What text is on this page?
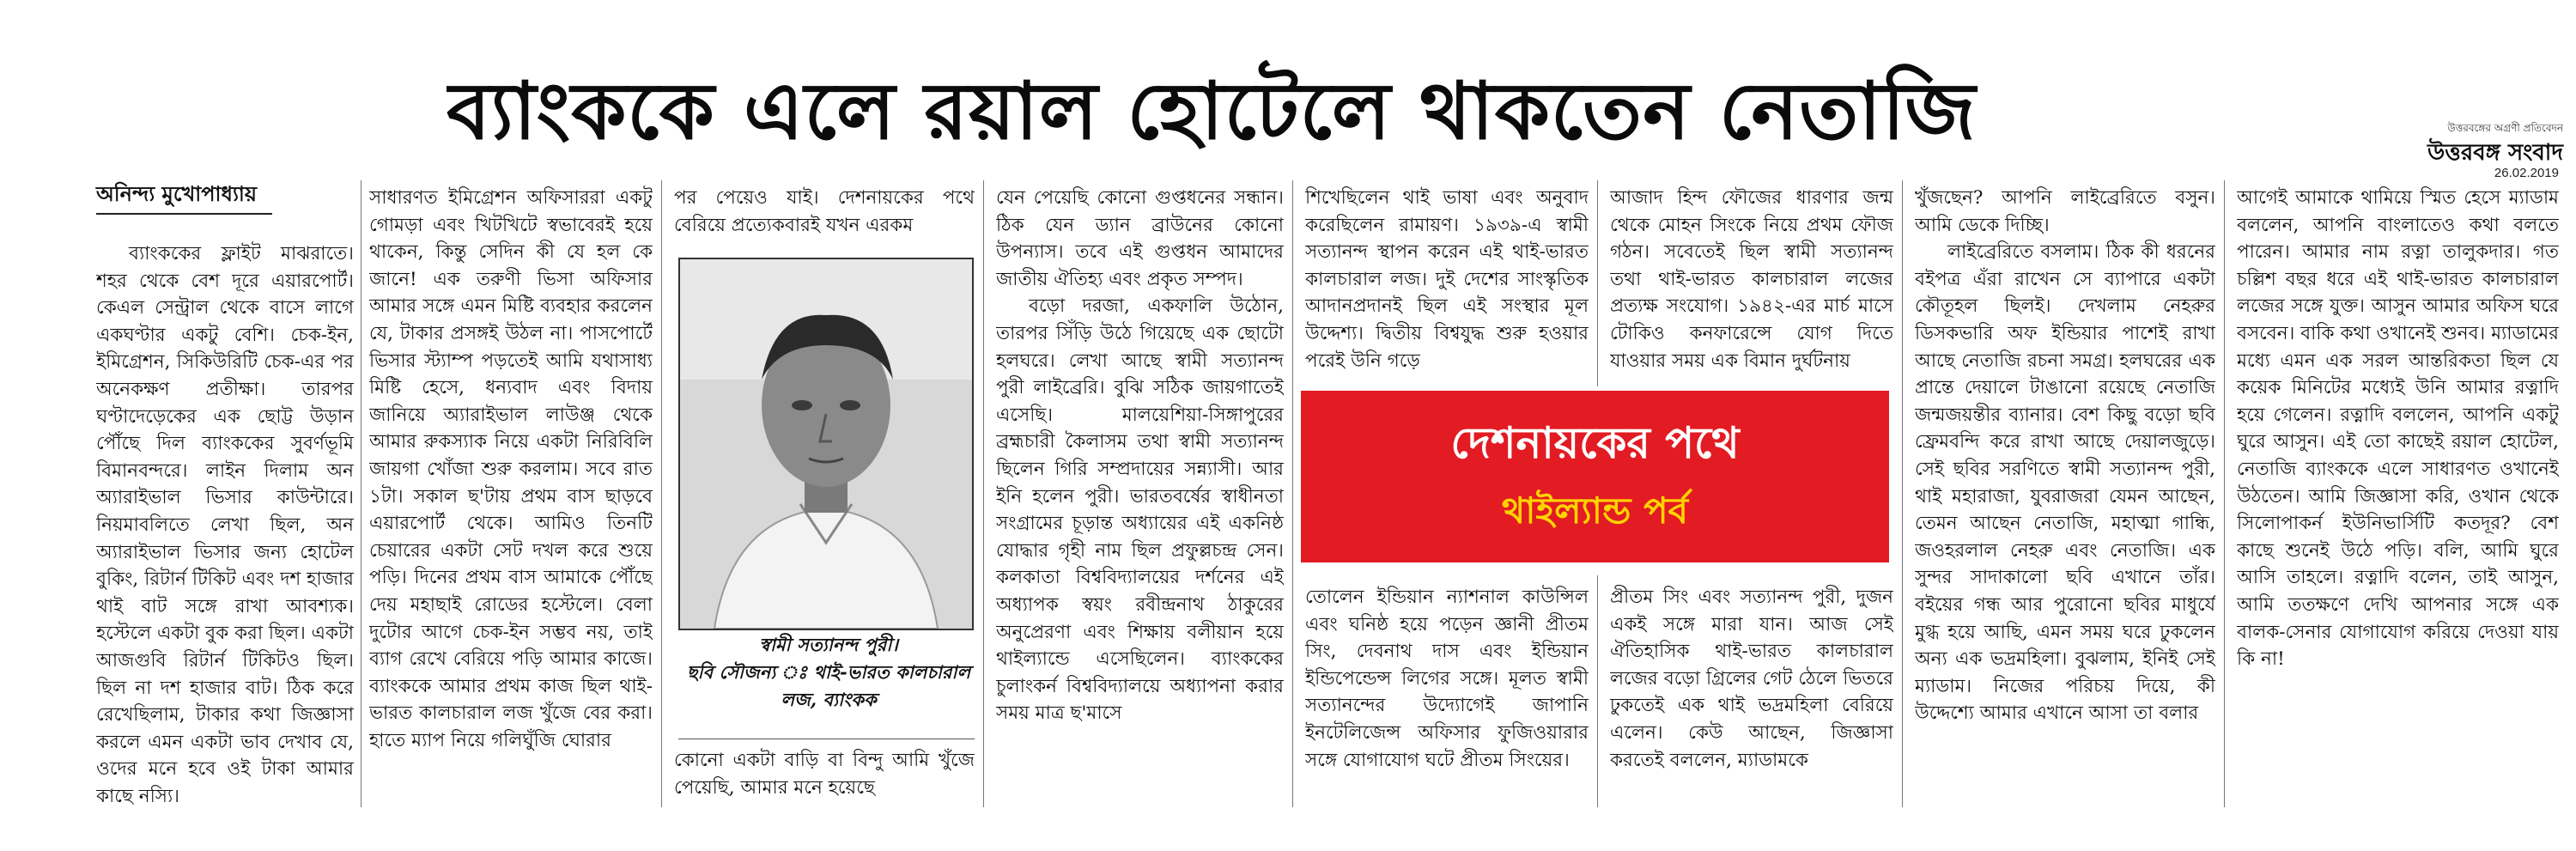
ব্যাংককে এলে রয়াল হোটেলে থাকতেন নেতাজি	উত্তরবঙ্গের অগ্রণী প্রতিবেদন
উত্তরবঙ্গ সংবাদ
26.02.2019
অনিন্দ্য মুখোপাধ্যায়

ব্যাংককের ফ্লাইট মাঝরাতে। শহর থেকে বেশ দূরে এয়ারপোর্ট। কেএল সেন্ট্রাল থেকে বাসে লাগে একঘণ্টার একটু বেশি। চেক-ইন, ইমিগ্রেশন, সিকিউরিটি চেক-এর পর অনেকক্ষণ প্রতীক্ষা। তারপর ঘণ্টাদেড়েকের এক ছোট্ট উড়ান পৌঁছে দিল ব্যাংককের সুবর্ণভূমি বিমানবন্দরে। লাইন দিলাম অন অ্যারাইভাল ভিসার কাউন্টারে। নিয়মাবলিতে লেখা ছিল, অন অ্যারাইভাল ভিসার জন্য হোটেল বুকিং, রিটার্ন টিকিট এবং দশ হাজার থাই বাট সঙ্গে রাখা আবশ্যক। হস্টেলে একটা বুক করা ছিল। একটা আজগুবি রিটার্ন টিকিটও ছিল। ছিল না দশ হাজার বাট। ঠিক করে রেখেছিলাম, টাকার কথা জিজ্ঞাসা করলে এমন একটা ভাব দেখাব যে, ওদের মনে হবে ওই টাকা আমার কাছে নস্যি।

সাধারণত ইমিগ্রেশন অফিসাররা একটু গোমড়া এবং খিটখিটে স্বভাবেরই হয়ে থাকেন, কিন্তু সেদিন কী যে হল কে জানে! এক তরুণী ভিসা অফিসার আমার সঙ্গে এমন মিষ্টি ব্যবহার করলেন যে, টাকার প্রসঙ্গই উঠল না। পাসপোর্টে ভিসার স্ট্যাম্প পড়তেই আমি যথাসাধ্য মিষ্টি হেসে, ধন্যবাদ এবং বিদায় জানিয়ে অ্যারাইভাল লাউঞ্জ থেকে আমার রুকস্যাক নিয়ে একটা নিরিবিলি জায়গা খোঁজা শুরু করলাম। সবে রাত ১টা। সকাল ছ'টায় প্রথম বাস ছাড়বে এয়ারপোর্ট থেকে। আমিও তিনটি চেয়ারের একটা সেট দখল করে শুয়ে পড়ি। দিনের প্রথম বাস আমাকে পৌঁছে দেয় মহাছাই রোডের হস্টেলে। বেলা দুটোর আগে চেক-ইন সম্ভব নয়, তাই ব্যাগ রেখে বেরিয়ে পড়ি আমার কাজে। ব্যাংককে আমার প্রথম কাজ ছিল থাই-ভারত কালচারাল লজ খুঁজে বের করা। হাতে ম্যাপ নিয়ে গলিঘুঁজি ঘোরার

পর পেয়েও যাই। দেশনায়কের পথে বেরিয়ে প্রত্যেকবারই যখন এরকম

স্বামী সত্যানন্দ পুরী।
ছবি সৌজন্য ঃ থাই-ভারত কালচারাল
লজ, ব্যাংকক

কোনো একটা বাড়ি বা বিন্দু আমি খুঁজে পেয়েছি, আমার মনে হয়েছে

যেন পেয়েছি কোনো গুপ্তধনের সন্ধান। ঠিক যেন ড্যান ব্রাউনের কোনো উপন্যাস। তবে এই গুপ্তধন আমাদের জাতীয় ঐতিহ্য এবং প্রকৃত সম্পদ।

বড়ো দরজা, একফালি উঠোন, তারপর সিঁড়ি উঠে গিয়েছে এক ছোটো হলঘরে। লেখা আছে স্বামী সত্যানন্দ পুরী লাইব্রেরি। বুঝি সঠিক জায়গাতেই এসেছি। মালয়েশিয়া-সিঙ্গাপুরের ব্রহ্মচারী কৈলাসম তথা স্বামী সত্যানন্দ ছিলেন গিরি সম্প্রদায়ের সন্ন্যাসী। আর ইনি হলেন পুরী। ভারতবর্ষের স্বাধীনতা সংগ্রামের চূড়ান্ত অধ্যায়ের এই একনিষ্ঠ যোদ্ধার গৃহী নাম ছিল প্রফুল্লচন্দ্র সেন। কলকাতা বিশ্ববিদ্যালয়ের দর্শনের এই অধ্যাপক স্বয়ং রবীন্দ্রনাথ ঠাকুরের অনুপ্রেরণা এবং শিক্ষায় বলীয়ান হয়ে থাইল্যান্ডে এসেছিলেন। ব্যাংককের চুলাংকর্ন বিশ্ববিদ্যালয়ে অধ্যাপনা করার সময় মাত্র ছ'মাসে

শিখেছিলেন থাই ভাষা এবং অনুবাদ করেছিলেন রামায়ণ। ১৯৩৯-এ স্বামী সত্যানন্দ স্থাপন করেন এই থাই-ভারত কালচারাল লজ। দুই দেশের সাংস্কৃতিক আদানপ্রদানই ছিল এই সংস্থার মূল উদ্দেশ্য। দ্বিতীয় বিশ্বযুদ্ধ শুরু হওয়ার পরেই উনি গড়ে

তোলেন ইন্ডিয়ান ন্যাশনাল কাউন্সিল এবং ঘনিষ্ঠ হয়ে পড়েন জ্ঞানী প্রীতম সিং, দেবনাথ দাস এবং ইন্ডিয়ান ইন্ডিপেন্ডেন্স লিগের সঙ্গে। মূলত স্বামী সত্যানন্দের উদ্যোগেই জাপানি ইনটেলিজেন্স অফিসার ফুজিওয়ারার সঙ্গে যোগাযোগ ঘটে প্রীতম সিংয়ের।

আজাদ হিন্দ ফৌজের ধারণার জন্ম থেকে মোহন সিংকে নিয়ে প্রথম ফৌজ গঠন। সবেতেই ছিল স্বামী সত্যানন্দ তথা থাই-ভারত কালচারাল লজের প্রত্যক্ষ সংযোগ। ১৯৪২-এর মার্চ মাসে টোকিও কনফারেন্সে যোগ দিতে যাওয়ার সময় এক বিমান দুর্ঘটনায়

প্রীতম সিং এবং সত্যানন্দ পুরী, দুজন একই সঙ্গে মারা যান। আজ সেই ঐতিহাসিক থাই-ভারত কালচারাল লজের বড়ো গ্রিলের গেট ঠেলে ভিতরে ঢুকতেই এক থাই ভদ্রমহিলা বেরিয়ে এলেন। কেউ আছেন, জিজ্ঞাসা করতেই বললেন, ম্যাডামকে

দেশনায়কের পথে
থাইল্যান্ড পর্ব

খুঁজছেন? আপনি লাইব্রেরিতে বসুন। আমি ডেকে দিচ্ছি।

লাইব্রেরিতে বসলাম। ঠিক কী ধরনের বইপত্র এঁরা রাখেন সে ব্যাপারে একটা কৌতূহল ছিলই। দেখলাম নেহরুর ডিসকভারি অফ ইন্ডিয়ার পাশেই রাখা আছে নেতাজি রচনা সমগ্র। হলঘরের এক প্রান্তে দেয়ালে টাঙানো রয়েছে নেতাজি জন্মজয়ন্তীর ব্যানার। বেশ কিছু বড়ো ছবি ফ্রেমবন্দি করে রাখা আছে দেয়ালজুড়ে। সেই ছবির সরণিতে স্বামী সত্যানন্দ পুরী, থাই মহারাজা, যুবরাজরা যেমন আছেন, তেমন আছেন নেতাজি, মহাত্মা গান্ধি, জওহরলাল নেহরু এবং নেতাজি। এক সুন্দর সাদাকালো ছবি এখানে তাঁর। বইয়ের গন্ধ আর পুরোনো ছবির মাধুর্যে মুগ্ধ হয়ে আছি, এমন সময় ঘরে ঢুকলেন অন্য এক ভদ্রমহিলা। বুঝলাম, ইনিই সেই ম্যাডাম। নিজের পরিচয় দিয়ে, কী উদ্দেশ্যে আমার এখানে আসা তা বলার

আগেই আমাকে থামিয়ে স্মিত হেসে ম্যাডাম বললেন, আপনি বাংলাতেও কথা বলতে পারেন। আমার নাম রত্না তালুকদার। গত চল্লিশ বছর ধরে এই থাই-ভারত কালচারাল লজের সঙ্গে যুক্ত। আসুন আমার অফিস ঘরে বসবেন। বাকি কথা ওখানেই শুনব। ম্যাডামের মধ্যে এমন এক সরল আন্তরিকতা ছিল যে কয়েক মিনিটের মধ্যেই উনি আমার রত্নাদি হয়ে গেলেন। রত্নাদি বললেন, আপনি একটু ঘুরে আসুন। এই তো কাছেই রয়াল হোটেল, নেতাজি ব্যাংককে এলে সাধারণত ওখানেই উঠতেন। আমি জিজ্ঞাসা করি, ওখান থেকে সিলোপাকর্ন ইউনিভার্সিটি কতদূর? বেশ কাছে শুনেই উঠে পড়ি। বলি, আমি ঘুরে আসি তাহলে। রত্নাদি বলেন, তাই আসুন, আমি ততক্ষণে দেখি আপনার সঙ্গে এক বালক-সেনার যোগাযোগ করিয়ে দেওয়া যায় কি না!
